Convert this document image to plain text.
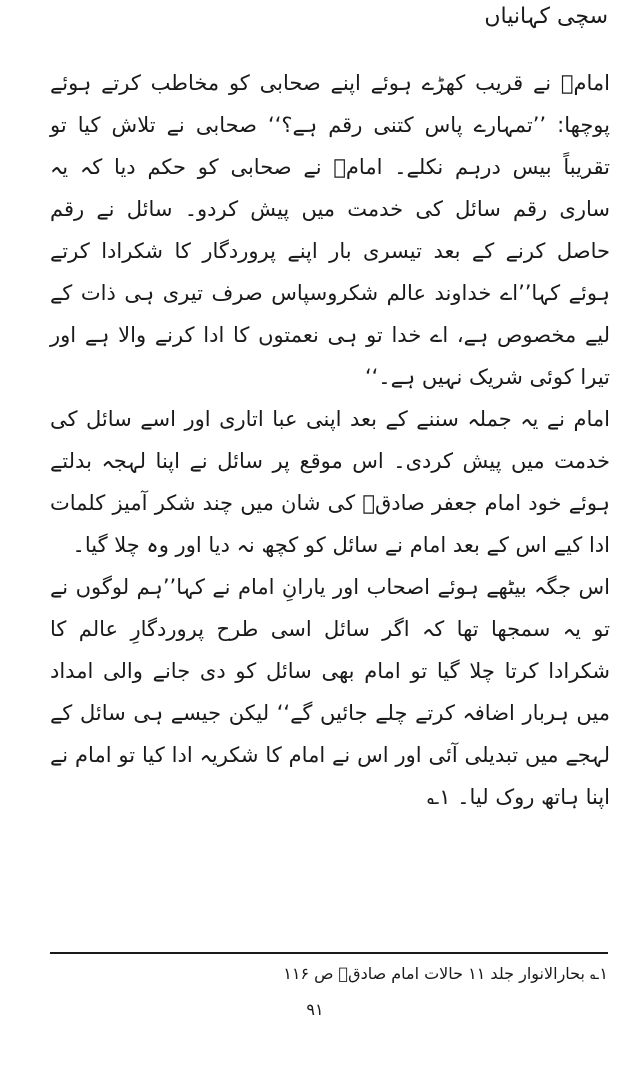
سچی کہانیاں

امامؑ نے قریب کھڑے ہوئے اپنے صحابی کو مخاطب کرتے ہوئے پوچھا: ’’تمہارے پاس کتنی رقم ہے؟‘‘ صحابی نے تلاش کیا تو تقریباً بیس درہم نکلے۔ امامؑ نے صحابی کو حکم دیا کہ یہ ساری رقم سائل کی خدمت میں پیش کردو۔ سائل نے رقم حاصل کرنے کے بعد تیسری بار اپنے پروردگار کا شکرادا کرتے ہوئے کہا’’اے خداوند عالم شکروسپاس صرف تیری ہی ذات کے لیے مخصوص ہے، اے خدا تو ہی نعمتوں کا ادا کرنے والا ہے اور تیرا کوئی شریک نہیں ہے۔‘‘

امام نے یہ جملہ سننے کے بعد اپنی عبا اتاری اور اسے سائل کی خدمت میں پیش کردی۔ اس موقع پر سائل نے اپنا لہجہ بدلتے ہوئے خود امام جعفر صادقؑ کی شان میں چند شکر آمیز کلمات ادا کیے اس کے بعد امام نے سائل کو کچھ نہ دیا اور وہ چلا گیا۔

اس جگہ بیٹھے ہوئے اصحاب اور یارانِ امام نے کہا’’ہم لوگوں نے تو یہ سمجھا تھا کہ اگر سائل اسی طرح پروردگارِ عالم کا شکرادا کرتا چلا گیا تو امام بھی سائل کو دی جانے والی امداد میں ہربار اضافہ کرتے چلے جائیں گے‘‘ لیکن جیسے ہی سائل کے لہجے میں تبدیلی آئی اور اس نے امام کا شکریہ ادا کیا تو امام نے اپنا ہاتھ روک لیا۔ ۱؎

۱؎ بحارالانوار جلد ۱۱ حالات امام صادقؑ ص ۱۱۶
۹۱
